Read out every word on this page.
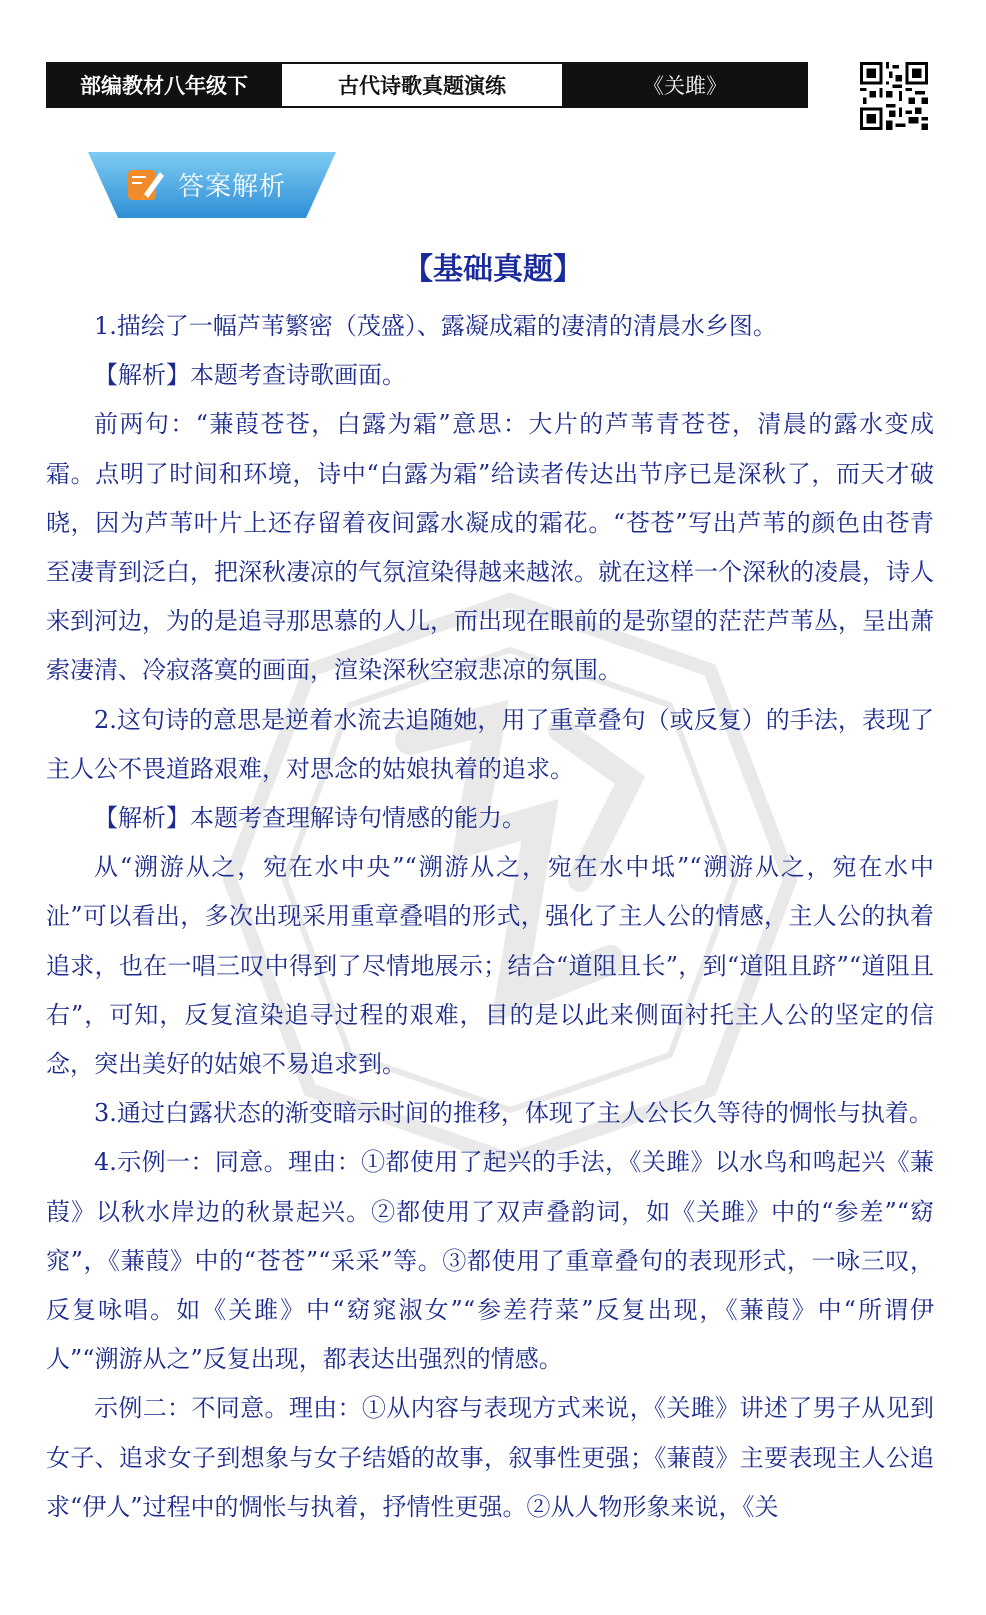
部编教材八年级下	古代诗歌真题演练	《关雎》
答案解析
【基础真题】

1.描绘了一幅芦苇繁密（茂盛）、露凝成霜的凄清的清晨水乡图。

【解析】本题考查诗歌画面。

前两句：“蒹葭苍苍，白露为霜”意思：大片的芦苇青苍苍，清晨的露水变成霜。点明了时间和环境，诗中“白露为霜”给读者传达出节序已是深秋了，而天才破晓，因为芦苇叶片上还存留着夜间露水凝成的霜花。“苍苍”写出芦苇的颜色由苍青至凄青到泛白，把深秋凄凉的气氛渲染得越来越浓。就在这样一个深秋的凌晨，诗人来到河边，为的是追寻那思慕的人儿，而出现在眼前的是弥望的茫茫芦苇丛，呈出萧索凄清、冷寂落寞的画面，渲染深秋空寂悲凉的氛围。

2.这句诗的意思是逆着水流去追随她，用了重章叠句（或反复）的手法，表现了主人公不畏道路艰难，对思念的姑娘执着的追求。

【解析】本题考查理解诗句情感的能力。

从“溯游从之，宛在水中央”“溯游从之，宛在水中坻”“溯游从之，宛在水中沚”可以看出，多次出现采用重章叠唱的形式，强化了主人公的情感，主人公的执着追求，也在一唱三叹中得到了尽情地展示；结合“道阻且长”，到“道阻且跻”“道阻且右”，可知，反复渲染追寻过程的艰难，目的是以此来侧面衬托主人公的坚定的信念，突出美好的姑娘不易追求到。

3.通过白露状态的渐变暗示时间的推移，体现了主人公长久等待的惆怅与执着。

4.示例一：同意。理由：①都使用了起兴的手法，《关雎》以水鸟和鸣起兴《蒹葭》以秋水岸边的秋景起兴。②都使用了双声叠韵词，如《关雎》中的“参差”“窈窕”，《蒹葭》中的“苍苍”“采采”等。③都使用了重章叠句的表现形式，一咏三叹，反复咏唱。如《关雎》中“窈窕淑女”“参差荇菜”反复出现，《蒹葭》中“所谓伊人”“溯游从之”反复出现，都表达出强烈的情感。

示例二：不同意。理由：①从内容与表现方式来说，《关雎》讲述了男子从见到女子、追求女子到想象与女子结婚的故事，叙事性更强；《蒹葭》主要表现主人公追求“伊人”过程中的惆怅与执着，抒情性更强。②从人物形象来说，《关
